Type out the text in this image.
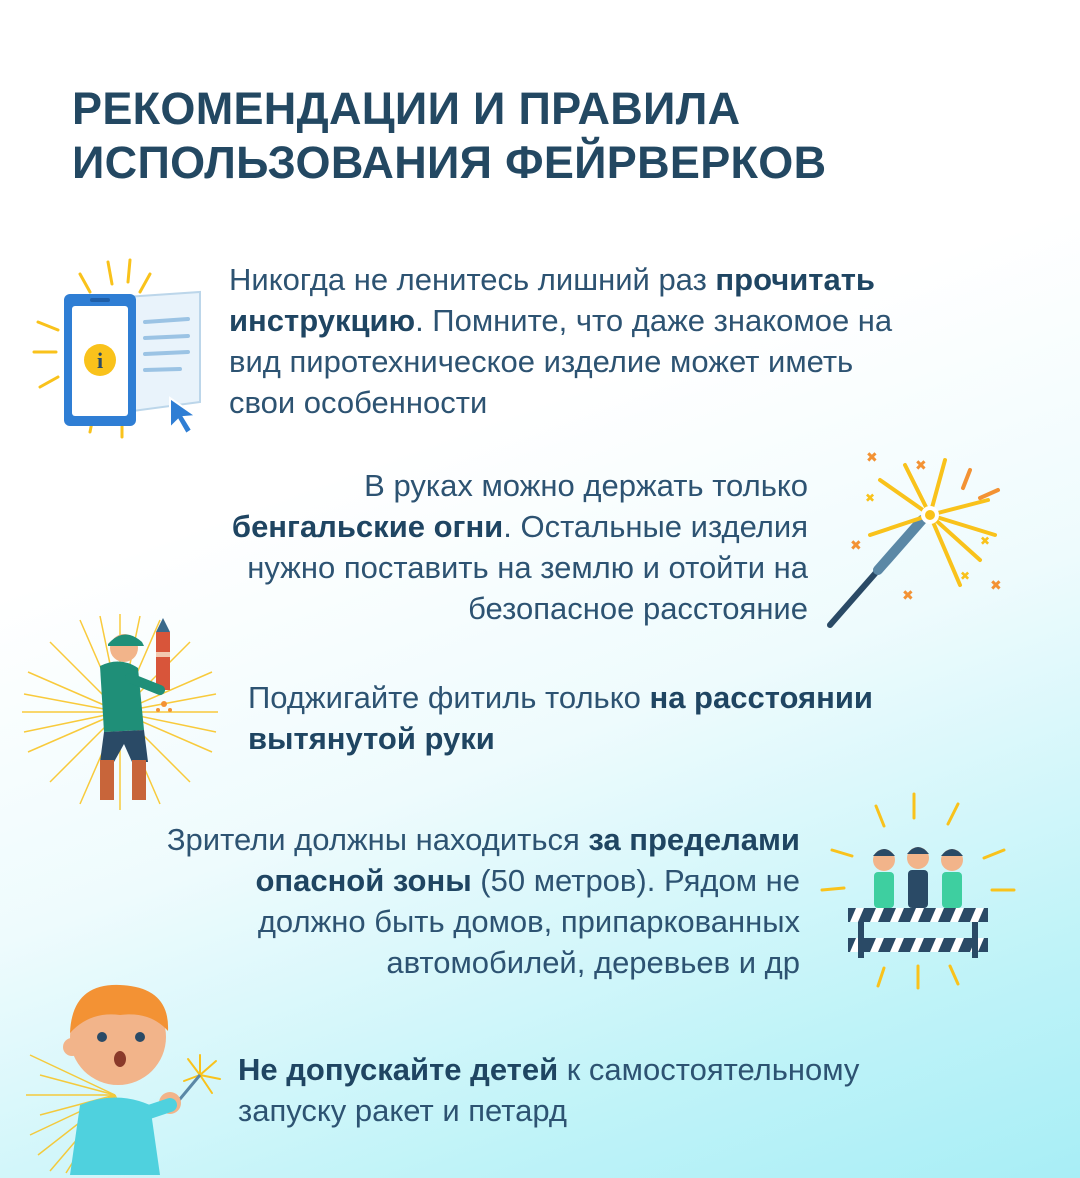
РЕКОМЕНДАЦИИ И ПРАВИЛА
ИСПОЛЬЗОВАНИЯ ФЕЙРВЕРКОВ
i

Никогда не ленитесь лишний раз прочитать
инструкцию. Помните, что даже знакомое на
вид пиротехническое изделие может иметь
свои особенности

В руках можно держать только
бенгальские огни. Остальные изделия
нужно поставить на землю и отойти на
безопасное расстояние

✖	✖
✖
✖
✖
✖
✖
✖

Поджигайте фитиль только на расстоянии
вытянутой руки

Зрители должны находиться за пределами
опасной зоны (50 метров). Рядом не
должно быть домов, припаркованных
автомобилей, деревьев и др

Не допускайте детей к самостоятельному
запуску ракет и петард
